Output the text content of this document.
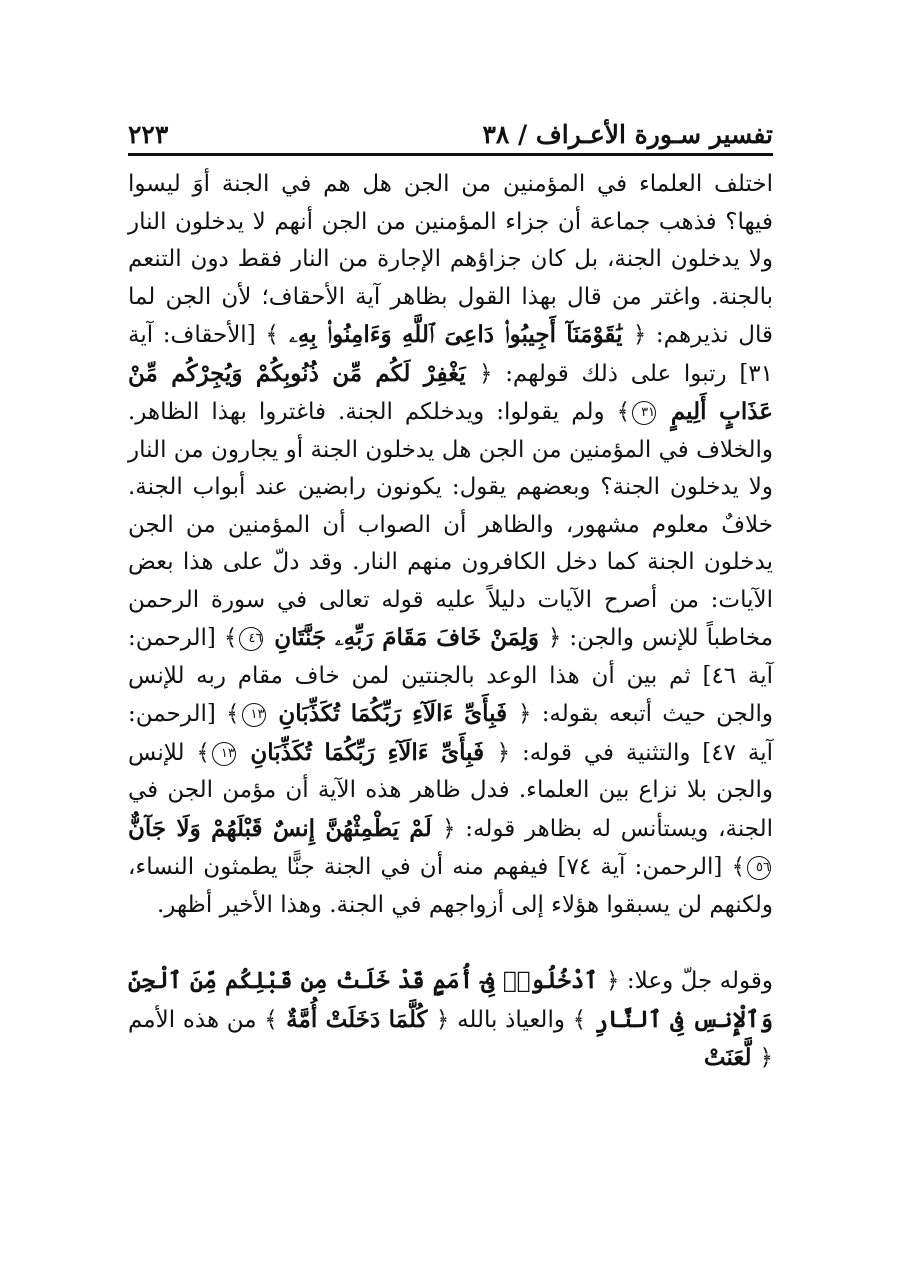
تفسير سـورة الأعـراف / ٣٨
٢٢٣

اختلف العلماء في المؤمنين من الجن هل هم في الجنة أوَ ليسوا فيها؟ فذهب جماعة أن جزاء المؤمنين من الجن أنهم لا يدخلون النار ولا يدخلون الجنة، بل كان جزاؤهم الإجارة من النار فقط دون التنعم بالجنة. واغتر من قال بهذا القول بظاهر آية الأحقاف؛ لأن الجن لما قال نذيرهم: ﴿ يَٰقَوْمَنَآ أَجِيبُوا۟ دَاعِىَ ٱللَّهِ وَءَامِنُوا۟ بِهِۦ ﴾ [الأحقاف: آية ٣١] رتبوا على ذلك قولهم: ﴿ يَغْفِرْ لَكُم مِّن ذُنُوبِكُمْ وَيُجِرْكُم مِّنْ عَذَابٍ أَلِيمٍ ٣١﴾ ولم يقولوا: ويدخلكم الجنة. فاغتروا بهذا الظاهر. والخلاف في المؤمنين من الجن هل يدخلون الجنة أو يجارون من النار ولا يدخلون الجنة؟ وبعضهم يقول: يكونون رابضين عند أبواب الجنة. خلافٌ معلوم مشهور، والظاهر أن الصواب أن المؤمنين من الجن يدخلون الجنة كما دخل الكافرون منهم النار. وقد دلّ على هذا بعض الآيات: من أصرح الآيات دليلاً عليه قوله تعالى في سورة الرحمن مخاطباً للإنس والجن: ﴿ وَلِمَنْ خَافَ مَقَامَ رَبِّهِۦ جَنَّتَانِ ٤٦﴾ [الرحمن: آية ٤٦] ثم بين أن هذا الوعد بالجنتين لمن خاف مقام ربه للإنس والجن حيث أتبعه بقوله: ﴿ فَبِأَىِّ ءَالَآءِ رَبِّكُمَا تُكَذِّبَانِ ١٣﴾ [الرحمن: آية ٤٧] والتثنية في قوله: ﴿ فَبِأَىِّ ءَالَآءِ رَبِّكُمَا تُكَذِّبَانِ ١٣﴾ للإنس والجن بلا نزاع بين العلماء. فدل ظاهر هذه الآية أن مؤمن الجن في الجنة، ويستأنس له بظاهر قوله: ﴿ لَمْ يَطْمِثْهُنَّ إِنسٌ قَبْلَهُمْ وَلَا جَآنٌّ ٥٦﴾ [الرحمن: آية ٧٤] فيفهم منه أن في الجنة جنًّا يطمثون النساء، ولكنهم لن يسبقوا هؤلاء إلى أزواجهم في الجنة. وهذا الأخير أظهر.

وقوله جلّ وعلا: ﴿ ٱدْخُلُوا۟ فِىٓ أُمَمٍ قَدْ خَلَتْ مِن قَبْلِكُم مِّنَ ٱلْجِنِّ وَٱلْإِنسِ فِى ٱلنَّارِ ﴾ والعياذ بالله ﴿ كُلَّمَا دَخَلَتْ أُمَّةٌ ﴾ من هذه الأمم ﴿ لَّعَنَتْ
